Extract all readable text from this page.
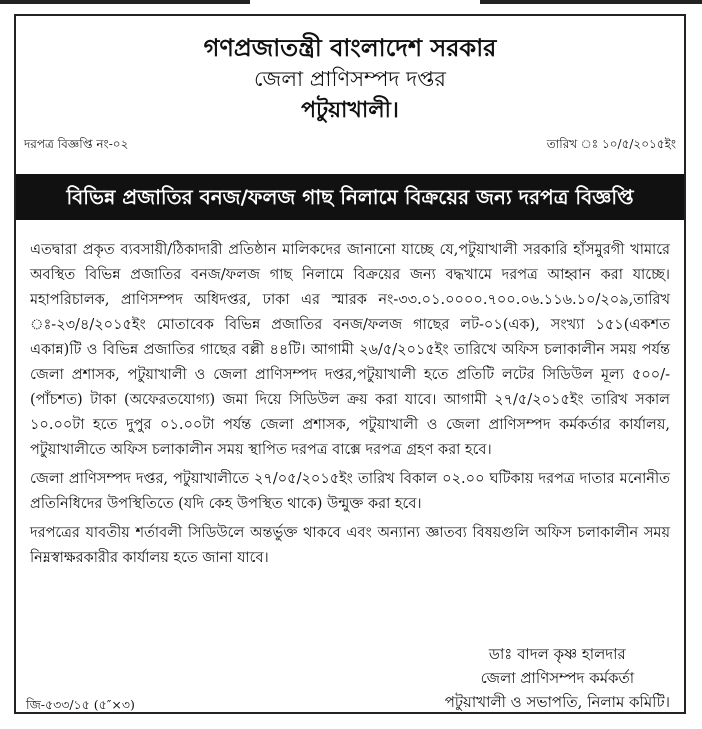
গণপ্রজাতন্ত্রী বাংলাদেশ সরকার
জেলা প্রাণিসম্পদ দপ্তর
পটুয়াখালী।
দরপত্র বিজ্ঞপ্তি নং-০২	তারিখ ঃ ১০/৫/২০১৫ইং
বিভিন্ন প্রজাতির বনজ/ফলজ গাছ নিলামে বিক্রয়ের জন্য দরপত্র বিজ্ঞপ্তি

এতদ্বারা প্রকৃত ব্যবসায়ী/ঠিকাদারী প্রতিষ্ঠান মালিকদের জানানো যাচ্ছে যে,পটুয়াখালী সরকারি হাঁসমুরগী খামারে অবস্থিত বিভিন্ন প্রজাতির বনজ/ফলজ গাছ নিলামে বিক্রয়ের জন্য বদ্ধখামে দরপত্র আহ্বান করা যাচ্ছে। মহাপরিচালক, প্রাণিসম্পদ অধিদপ্তর, ঢাকা এর স্মারক নং-৩৩.০১.০০০০.৭০০.০৬.১১৬.১০/২০৯,তারিখ ঃ-২৩/৪/২০১৫ইং মোতাবেক বিভিন্ন প্রজাতির বনজ/ফলজ গাছের লট-০১(এক), সংখ্যা ১৫১(একশত একান্ন)টি ও বিভিন্ন প্রজাতির গাছের বল্লী ৪৪টি। আগামী ২৬/৫/২০১৫ইং তারিখে অফিস চলাকালীন সময় পর্যন্ত জেলা প্রশাসক, পটুয়াখালী ও জেলা প্রাণিসম্পদ দপ্তর,পটুয়াখালী হতে প্রতিটি লটের সিডিউল মূল্য ৫০০/-(পাঁচশত) টাকা (অফেরতযোগ্য) জমা দিয়ে সিডিউল ক্রয় করা যাবে। আগামী ২৭/৫/২০১৫ইং তারিখ সকাল ১০.০০টা হতে দুপুর ০১.০০টা পর্যন্ত জেলা প্রশাসক, পটুয়াখালী ও জেলা প্রাণিসম্পদ কর্মকর্তার কার্যালয়, পটুয়াখালীতে অফিস চলাকালীন সময় স্থাপিত দরপত্র বাক্সে দরপত্র গ্রহণ করা হবে।

জেলা প্রাণিসম্পদ দপ্তর, পটুয়াখালীতে ২৭/০৫/২০১৫ইং তারিখ বিকাল ০২.০০ ঘটিকায় দরপত্র দাতার মনোনীত প্রতিনিধিদের উপস্থিতিতে (যদি কেহ উপস্থিত থাকে) উন্মুক্ত করা হবে।

দরপত্রের যাবতীয় শর্তাবলী সিডিউলে অন্তর্ভুক্ত থাকবে এবং অন্যান্য জ্ঞাতব্য বিষয়গুলি অফিস চলাকালীন সময় নিম্নস্বাক্ষরকারীর কার্যালয় হতে জানা যাবে।

ডাঃ বাদল কৃষ্ণ হালদার
জেলা প্রাণিসম্পদ কর্মকর্তা
পটুয়াখালী ও সভাপতি, নিলাম কমিটি।
জি-৫৩৩/১৫ (৫″×৩)
